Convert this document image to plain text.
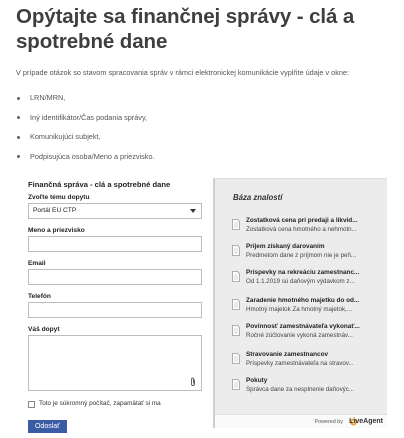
Opýtajte sa finančnej správy - clá a spotrebné dane

V prípade otázok so stavom spracovania správ v rámci elektronickej komunikácie vyplňte údaje v okne:

LRN/MRN,
Iný identifikátor/Čas podania správy,
Komunikujúci subjekt,
Podpisujúca osoba/Meno a priezvisko.
Finančná správa - clá a spotrebné dane
Zvoľte tému dopytu
Portál EU CTP
Meno a priezvisko
Email
Telefón
Váš dopyt
Toto je súkromný počítač, zapamätať si ma
Odoslať
Báza znalostí
Zostatková cena pri predaji a likvid...
Zostatková cena hmotného a nehmotn...
Príjem získaný darovaním
Predmetom dane z príjmom nie je peň...
Príspevky na rekreáciu zamestnanc...
Od 1.1.2019 sú daňovým výdavkom z...
Zaradenie hmotného majetku do od...
Hmotný majetok Za hmotný majetok,...
Povinnosť zamestnávateľa vykonať...
Ročné zúčtovanie vykoná zamestnáv...
Stravovanie zamestnancov
Príspevky zamestnávateľa na stravov...
Pokuty
Správca dane za nesplnenie daňovýc...
Powered by LiveAgent
